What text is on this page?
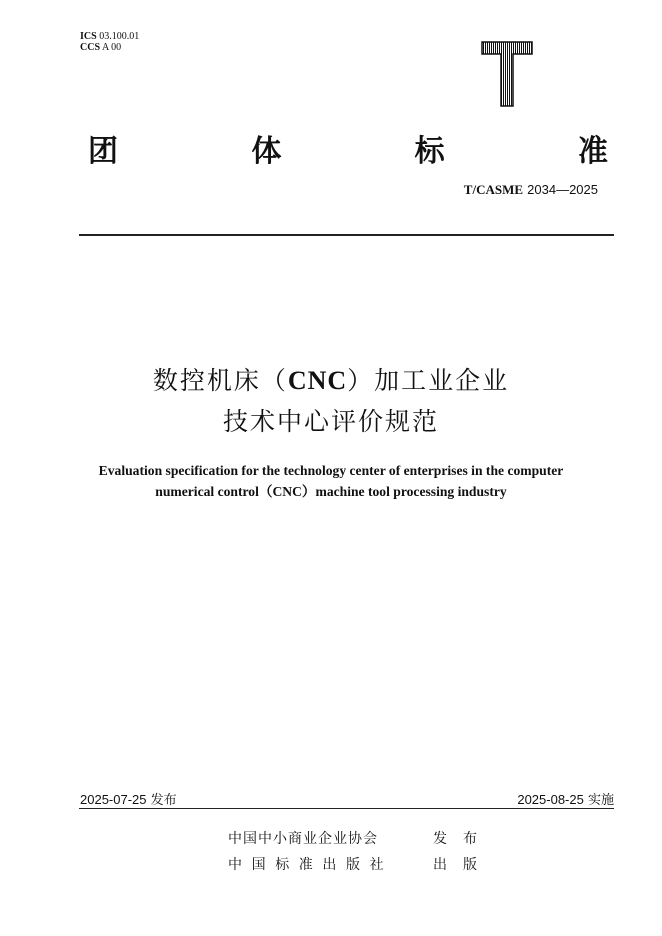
ICS 03.100.01
CCS A 00
团	体	标	准
T/CASME 2034—2025
数控机床（CNC）加工业企业
技术中心评价规范
Evaluation specification for the technology center of enterprises in the computer
numerical control（CNC）machine tool processing industry
2025-07-25 发布	2025-08-25 实施
中国中小商业企业协会	发布
中国标准出版社	出版
